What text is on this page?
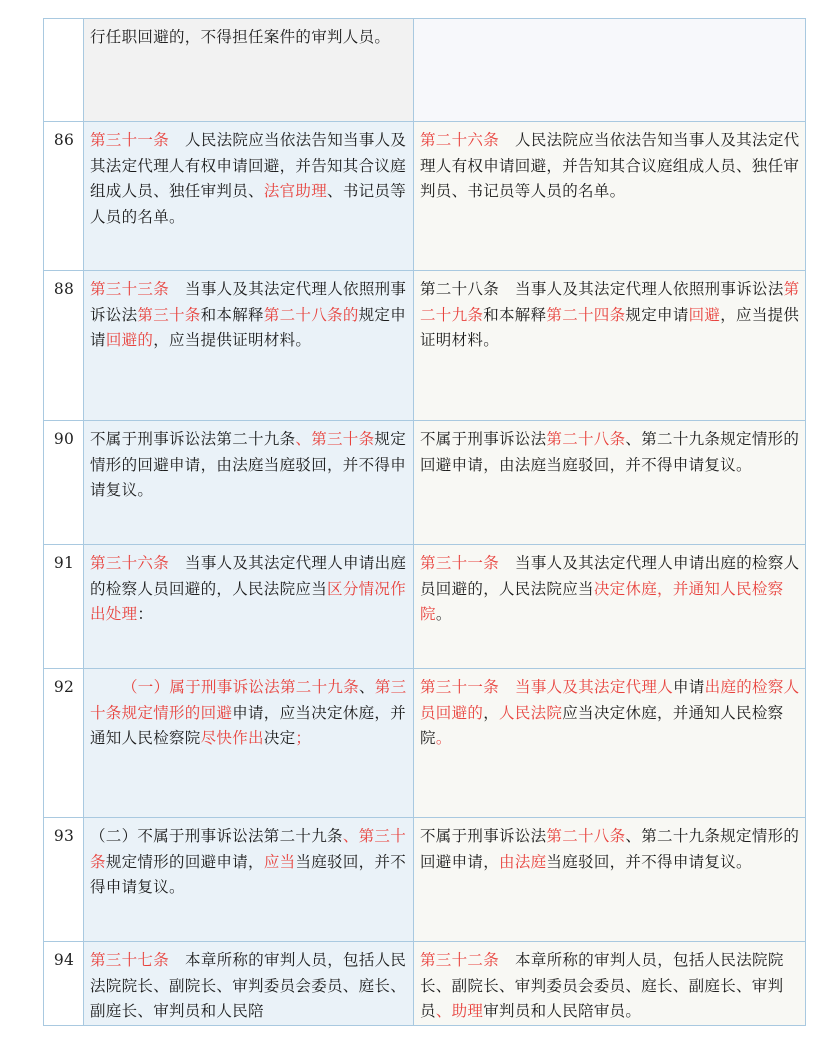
	行任职回避的，不得担任案件的审判人员。	
86	第三十一条 人民法院应当依法告知当事人及其法定代理人有权申请回避，并告知其合议庭组成人员、独任审判员、法官助理、书记员等人员的名单。	第二十六条 人民法院应当依法告知当事人及其法定代理人有权申请回避，并告知其合议庭组成人员、独任审判员、书记员等人员的名单。
88	第三十三条 当事人及其法定代理人依照刑事诉讼法第三十条和本解释第二十八条的规定申请回避的，应当提供证明材料。	第二十八条 当事人及其法定代理人依照刑事诉讼法第二十九条和本解释第二十四条规定申请回避，应当提供证明材料。
90	不属于刑事诉讼法第二十九条、第三十条规定情形的回避申请，由法庭当庭驳回，并不得申请复议。	不属于刑事诉讼法第二十八条、第二十九条规定情形的回避申请，由法庭当庭驳回，并不得申请复议。
91	第三十六条 当事人及其法定代理人申请出庭的检察人员回避的，人民法院应当区分情况作出处理：	第三十一条 当事人及其法定代理人申请出庭的检察人员回避的，人民法院应当决定休庭，并通知人民检察院。
92	（一）属于刑事诉讼法第二十九条、第三十条规定情形的回避申请，应当决定休庭，并通知人民检察院尽快作出决定；	第三十一条 当事人及其法定代理人申请出庭的检察人员回避的，人民法院应当决定休庭，并通知人民检察院。
93	（二）不属于刑事诉讼法第二十九条、第三十条规定情形的回避申请，应当当庭驳回，并不得申请复议。	不属于刑事诉讼法第二十八条、第二十九条规定情形的回避申请，由法庭当庭驳回，并不得申请复议。
94	第三十七条 本章所称的审判人员，包括人民法院院长、副院长、审判委员会委员、庭长、副庭长、审判员和人民陪	第三十二条 本章所称的审判人员，包括人民法院院长、副院长、审判委员会委员、庭长、副庭长、审判员、助理审判员和人民陪审员。
